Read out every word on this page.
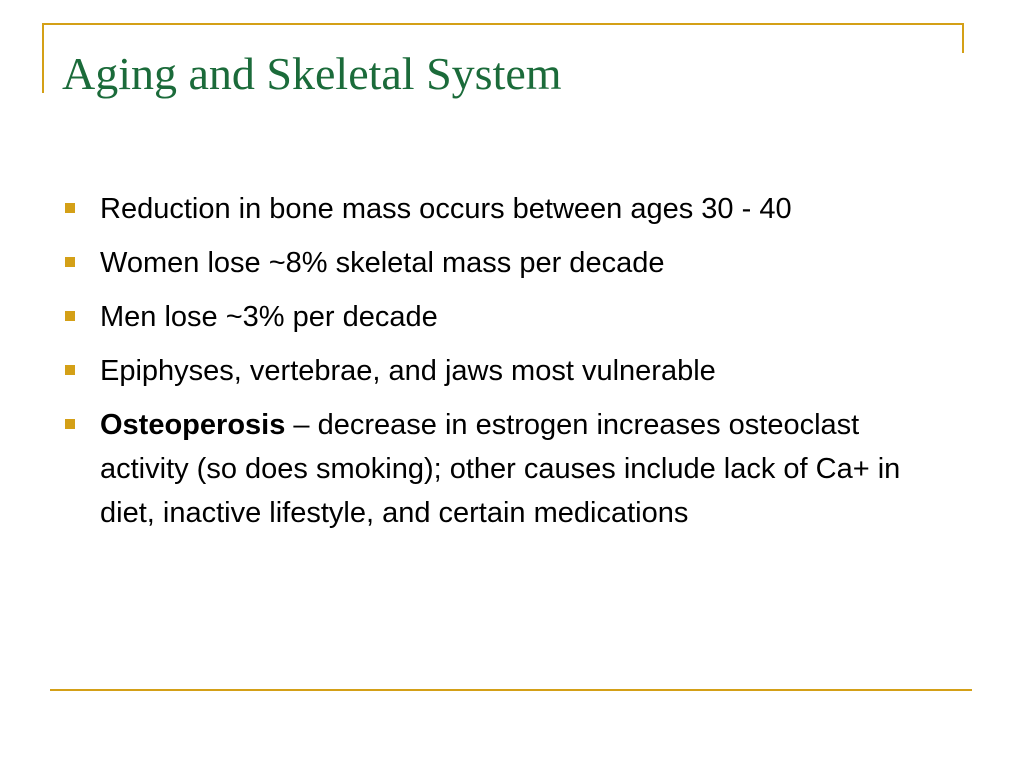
Aging and Skeletal System
Reduction in bone mass occurs between ages 30 - 40
Women lose ~8% skeletal mass per decade
Men lose ~3% per decade
Epiphyses, vertebrae, and jaws most vulnerable
Osteoperosis – decrease in estrogen increases osteoclast activity (so does smoking); other causes include lack of Ca+ in diet, inactive lifestyle, and certain medications
